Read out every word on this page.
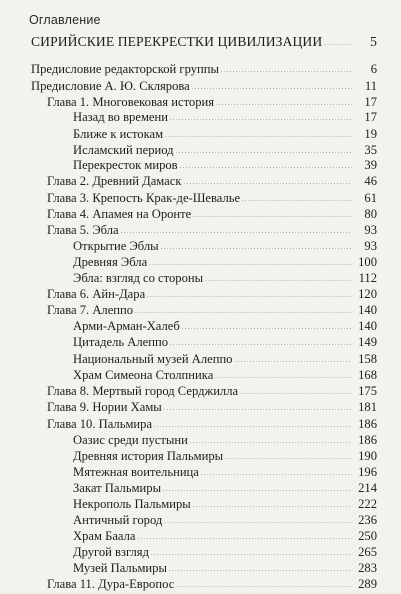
Оглавление
СИРИЙСКИЕ ПЕРЕКРЕСТКИ ЦИВИЛИЗАЦИИ . . .	5
Предисловие редакторской группы . . .	6
Предисловие А. Ю. Склярова . . .	11
Глава 1. Многовековая история . . .	17
Назад во времени . . .	17
Ближе к истокам . . .	19
Исламский период . . .	35
Перекресток миров . . .	39
Глава 2. Древний Дамаск . . .	46
Глава 3. Крепость Крак-де-Шевалье . . .	61
Глава 4. Апамея на Оронте . . .	80
Глава 5. Эбла . . .	93
Открытие Эблы . . .	93
Древняя Эбла . . .	100
Эбла: взгляд со стороны . . .	112
Глава 6. Айн-Дара . . .	120
Глава 7. Алеппо . . .	140
Арми-Арман-Халеб . . .	140
Цитадель Алеппо . . .	149
Национальный музей Алеппо . . .	158
Храм Симеона Столпника . . .	168
Глава 8. Мертвый город Серджилла . . .	175
Глава 9. Нории Хамы . . .	181
Глава 10. Пальмира . . .	186
Оазис среди пустыни . . .	186
Древняя история Пальмиры . . .	190
Мятежная воительница . . .	196
Закат Пальмиры . . .	214
Некрополь Пальмиры . . .	222
Античный город . . .	236
Храм Баала . . .	250
Другой взгляд . . .	265
Музей Пальмиры . . .	283
Глава 11. Дура-Европос . . .	289
